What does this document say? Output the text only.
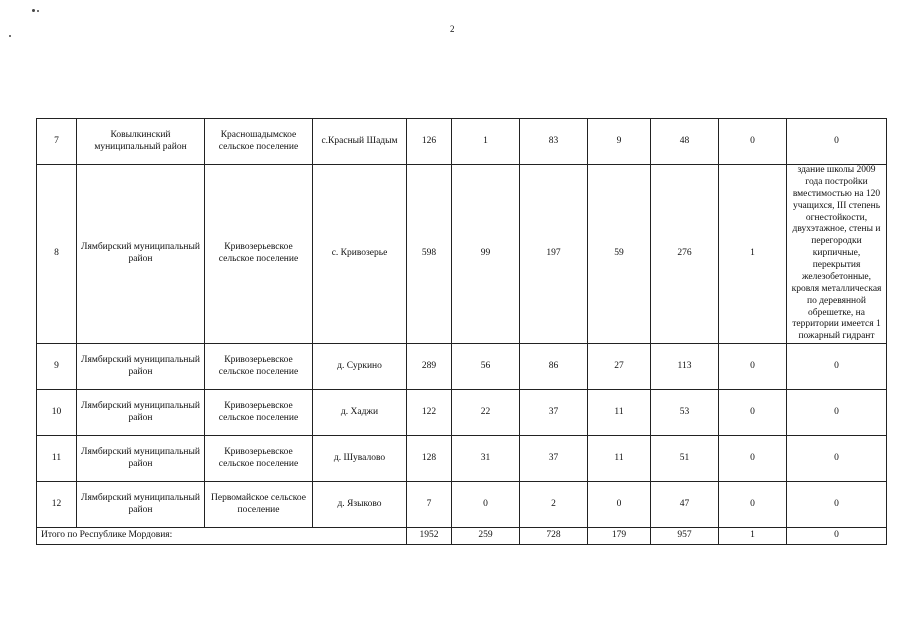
2
7	Ковылкинский муниципальный район	Красношадымское сельское поселение	с.Красный Шадым	126	1	83	9	48	0	0
8	Лямбирский муниципальный район	Кривозерьевское сельское поселение	с. Кривозерье	598	99	197	59	276	1	здание школы 2009 года постройки вместимостью на 120 учащихся, III степень огнестойкости, двухэтажное, стены и перегородки кирпичные, перекрытия железобетонные, кровля металлическая по деревянной обрешетке, на территории имеется 1 пожарный гидрант
9	Лямбирский муниципальный район	Кривозерьевское сельское поселение	д. Суркино	289	56	86	27	113	0	0
10	Лямбирский муниципальный район	Кривозерьевское сельское поселение	д. Хаджи	122	22	37	11	53	0	0
11	Лямбирский муниципальный район	Кривозерьевское сельское поселение	д. Шувалово	128	31	37	11	51	0	0
12	Лямбирский муниципальный район	Первомайское сельское поселение	д. Языково	7	0	2	0	47	0	0
Итого по Республике Мордовия:				1952	259	728	179	957	1	0
